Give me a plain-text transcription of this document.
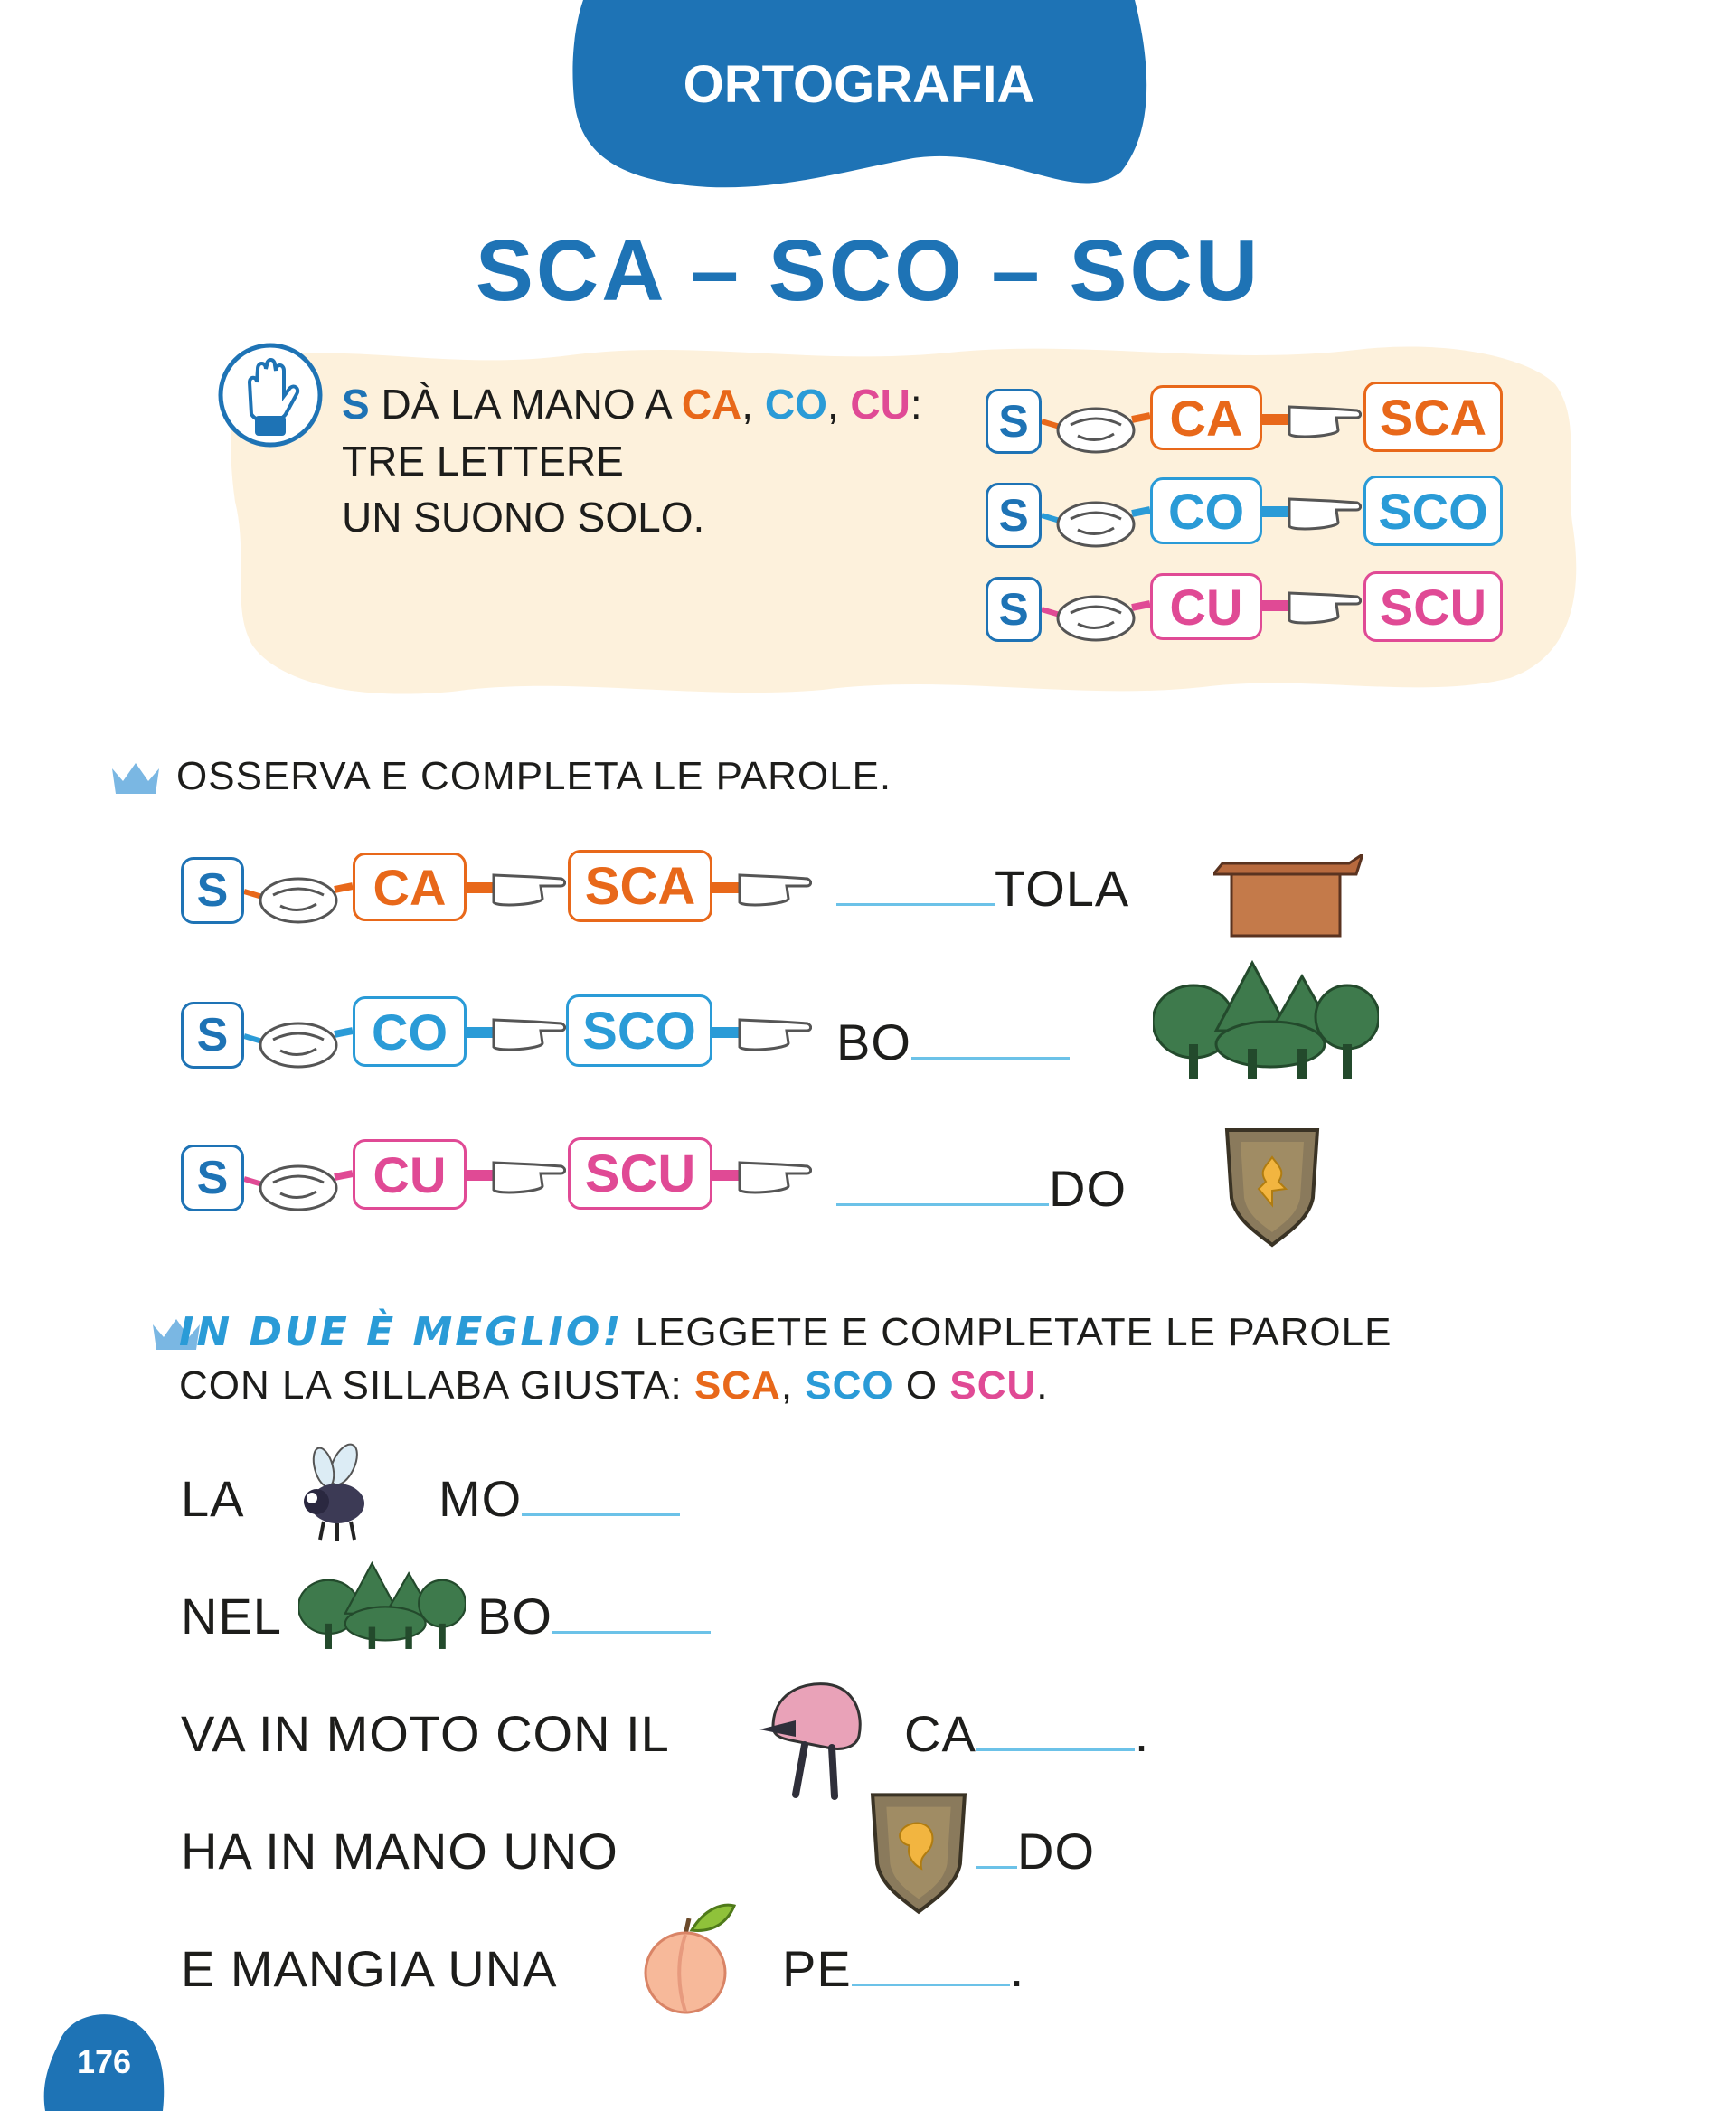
ORTOGRAFIA
SCA – SCO – SCU
S DÀ LA MANO A CA, CO, CU:
TRE LETTERE
UN SUONO SOLO.
S	CA	SCA
S	CO	SCO
S	CU	SCU
OSSERVA E COMPLETA LE PAROLE.
S	CA	SCA	TOLA
S	CO	SCO	BO
S	CU	SCU	DO
IN DUE È MEGLIO! LEGGETE E COMPLETATE LE PAROLE
CON LA SILLABA GIUSTA: SCA, SCO O SCU.
LA	MO
NEL	BO
VA IN MOTO CON IL	CA	.
HA IN MANO UNO	DO
E MANGIA UNA	PE	.
176
